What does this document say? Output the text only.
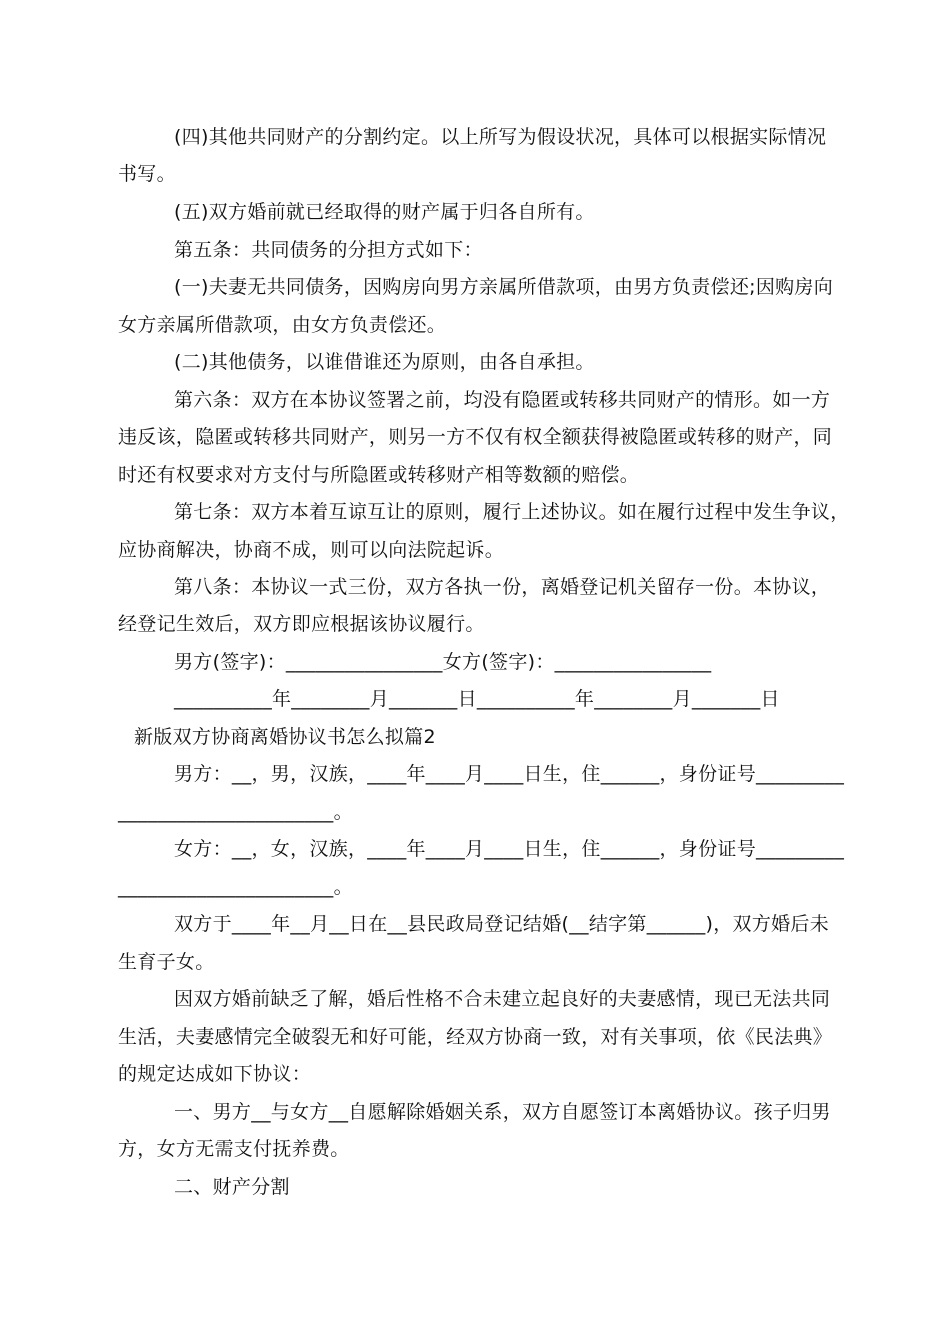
(四)其他共同财产的分割约定。以上所写为假设状况，具体可以根据实际情况
书写。
(五)双方婚前就已经取得的财产属于归各自所有。
第五条：共同债务的分担方式如下：
(一)夫妻无共同债务，因购房向男方亲属所借款项，由男方负责偿还;因购房向
女方亲属所借款项，由女方负责偿还。
(二)其他债务，以谁借谁还为原则，由各自承担。
第六条：双方在本协议签署之前，均没有隐匿或转移共同财产的情形。如一方
违反该，隐匿或转移共同财产，则另一方不仅有权全额获得被隐匿或转移的财产，同
时还有权要求对方支付与所隐匿或转移财产相等数额的赔偿。
第七条：双方本着互谅互让的原则，履行上述协议。如在履行过程中发生争议，
应协商解决，协商不成，则可以向法院起诉。
第八条：本协议一式三份，双方各执一份，离婚登记机关留存一份。本协议，
经登记生效后，双方即应根据该协议履行。
男方(签字)：________________女方(签字)：________________
__________年________月_______日__________年________月_______日
新版双方协商离婚协议书怎么拟篇2
男方：__，男，汉族，____年____月____日生，住______，身份证号_________
______________________。
女方：__，女，汉族，____年____月____日生，住______，身份证号_________
______________________。
双方于____年__月__日在__县民政局登记结婚(__结字第______)，双方婚后未
生育子女。
因双方婚前缺乏了解，婚后性格不合未建立起良好的夫妻感情，现已无法共同
生活，夫妻感情完全破裂无和好可能，经双方协商一致，对有关事项，依《民法典》
的规定达成如下协议：
一、男方__与女方__自愿解除婚姻关系，双方自愿签订本离婚协议。孩子归男
方，女方无需支付抚养费。
二、财产分割
